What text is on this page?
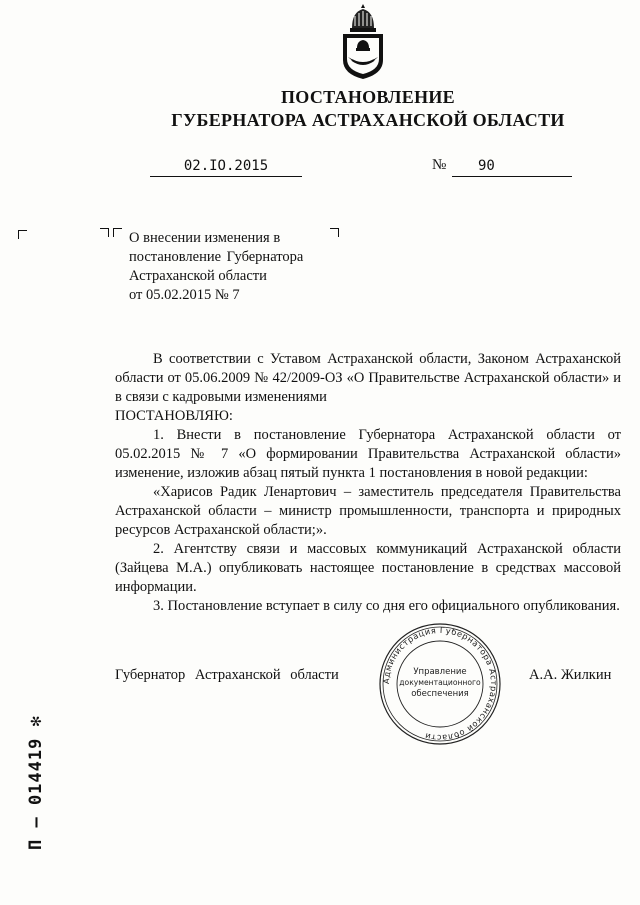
ПОСТАНОВЛЕНИЕ
ГУБЕРНАТОРА АСТРАХАНСКОЙ ОБЛАСТИ
02.IO.2015	№	90
О внесении изменения в
постановление Губернатора
Астраханской области
от 05.02.2015 № 7

В соответствии с Уставом Астраханской области, Законом Астраханской области от 05.06.2009 № 42/2009-ОЗ «О Правительстве Астраханской области» и в связи с кадровыми изменениями

ПОСТАНОВЛЯЮ:

1. Внести в постановление Губернатора Астраханской области от 05.02.2015 № 7 «О формировании Правительства Астраханской области» изменение, изложив абзац пятый пункта 1 постановления в новой редакции:

«Харисов Радик Ленартович – заместитель председателя Правительства Астраханской области – министр промышленности, транспорта и природных ресурсов Астраханской области;».

2. Агентству связи и массовых коммуникаций Астраханской области (Зайцева М.А.) опубликовать настоящее постановление в средствах массовой информации.

3. Постановление вступает в силу со дня его официального опубликования.

Губернатор Астраханской области	А.А. Жилкин
Администрация Губернатора Астраханской области
Управление
документационного
обеспечения
П – 014419 ✻
